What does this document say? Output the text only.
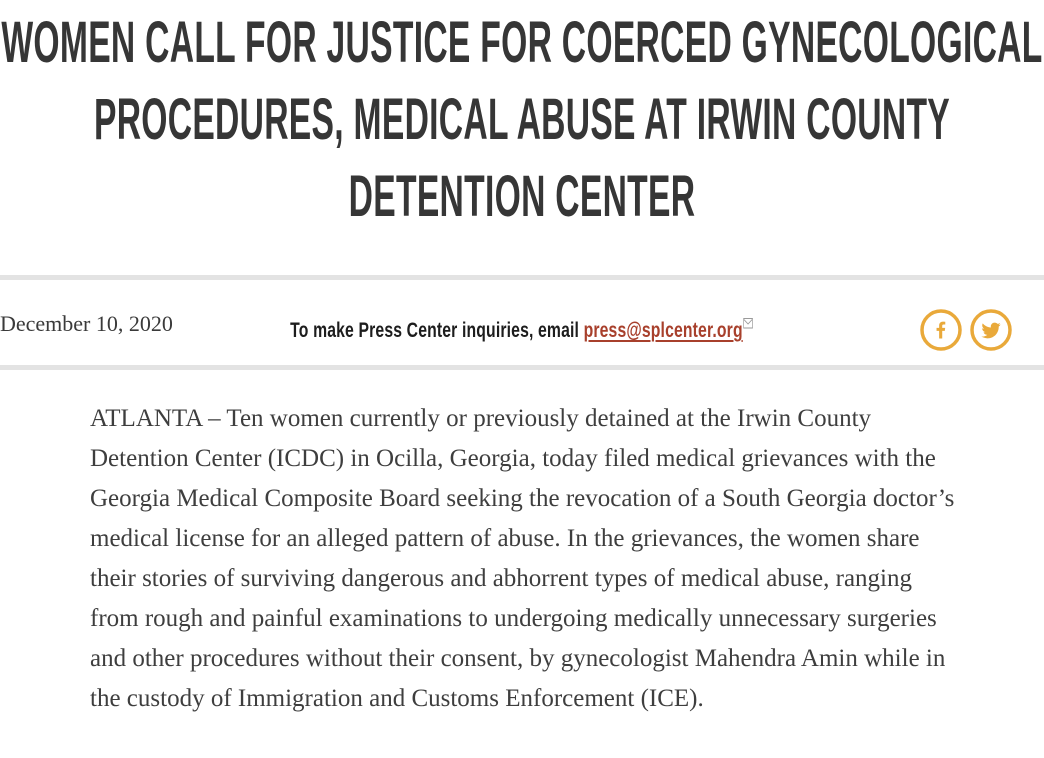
WOMEN CALL FOR JUSTICE FOR COERCED GYNECOLOGICAL
PROCEDURES, MEDICAL ABUSE AT IRWIN COUNTY
DETENTION CENTER
December 10, 2020	To make Press Center inquiries, email press@splcenter.org

ATLANTA – Ten women currently or previously detained at the Irwin County Detention Center (ICDC) in Ocilla, Georgia, today filed medical grievances with the Georgia Medical Composite Board seeking the revocation of a South Georgia doctor’s medical license for an alleged pattern of abuse. In the grievances, the women share their stories of surviving dangerous and abhorrent types of medical abuse, ranging from rough and painful examinations to undergoing medically unnecessary surgeries and other procedures without their consent, by gynecologist Mahendra Amin while in the custody of Immigration and Customs Enforcement (ICE).
